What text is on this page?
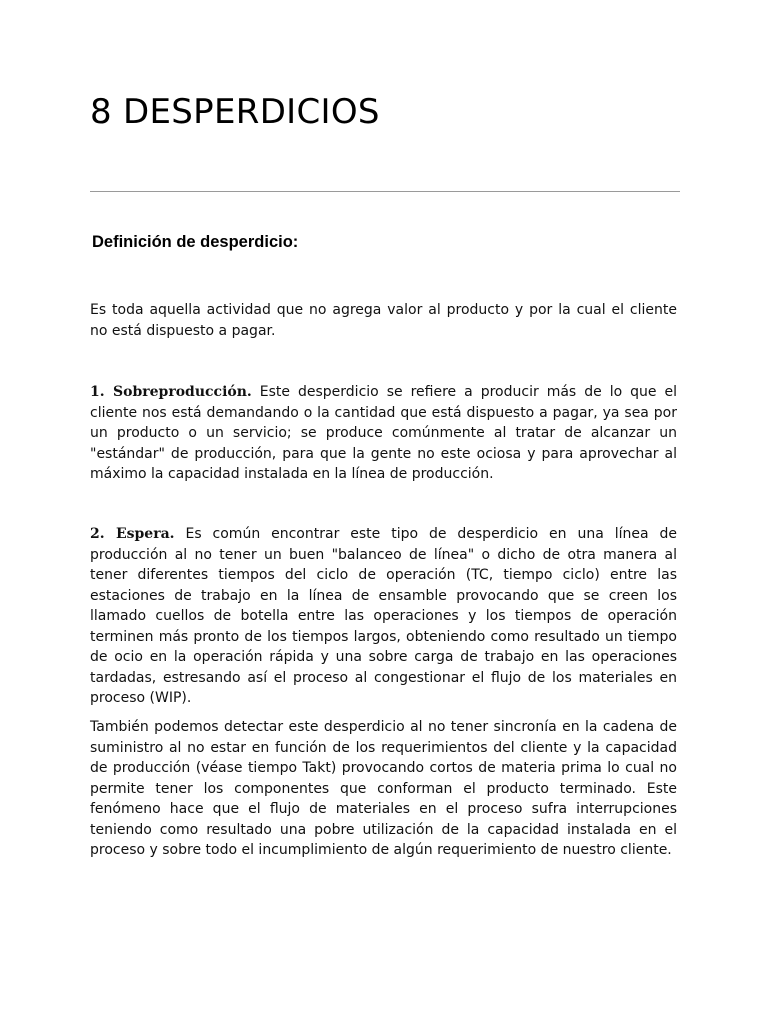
8 DESPERDICIOS
Definición de desperdicio:

Es toda aquella actividad que no agrega valor al producto y por la cual el cliente no está dispuesto a pagar.

1. Sobreproducción. Este desperdicio se refiere a producir más de lo que el cliente nos está demandando o la cantidad que está dispuesto a pagar, ya sea por un producto o un servicio; se produce comúnmente al tratar de alcanzar un "estándar" de producción, para que la gente no este ociosa y para aprovechar al máximo la capacidad instalada en la línea de producción.

2. Espera. Es común encontrar este tipo de desperdicio en una línea de producción al no tener un buen "balanceo de línea" o dicho de otra manera al tener diferentes tiempos del ciclo de operación (TC, tiempo ciclo) entre las estaciones de trabajo en la línea de ensamble provocando que se creen los llamado cuellos de botella entre las operaciones y los tiempos de operación terminen más pronto de los tiempos largos, obteniendo como resultado un tiempo de ocio en la operación rápida y una sobre carga de trabajo en las operaciones tardadas, estresando así el proceso al congestionar el flujo de los materiales en proceso (WIP).

También podemos detectar este desperdicio al no tener sincronía en la cadena de suministro al no estar en función de los requerimientos del cliente y la capacidad de producción (véase tiempo Takt) provocando cortos de materia prima lo cual no permite tener los componentes que conforman el producto terminado. Este fenómeno hace que el flujo de materiales en el proceso sufra interrupciones teniendo como resultado una pobre utilización de la capacidad instalada en el proceso y sobre todo el incumplimiento de algún requerimiento de nuestro cliente.
